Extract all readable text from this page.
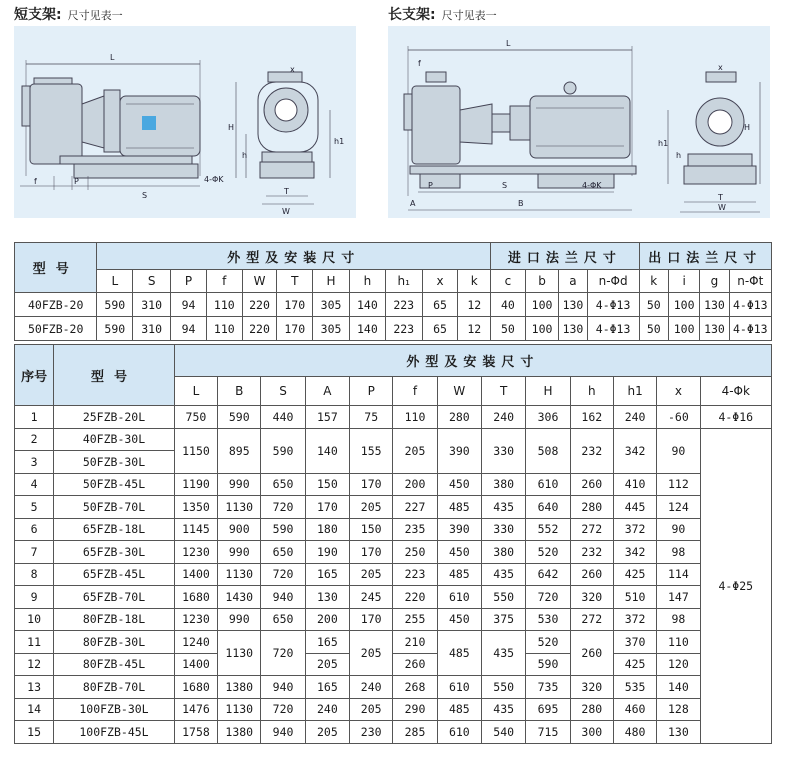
短支架: 尺寸见表一	长支架: 尺寸见表一
L
f	P
S
x
H
h
h1
4-ΦK
T
W
L
f
P	S
B
A
4-ΦK
x
H
h
h1
T
W
型号	外型及安装尺寸											进口法兰尺寸				出口法兰尺寸			
	L	S	P	f	W	T	H	h	h₁	x	k	c	b	a	n-Φd	k	i	g	n-Φt
40FZB-20	590	310	94	110	220	170	305	140	223	65	12	40	100	130	4-Φ13	50	100	130	4-Φ13
50FZB-20	590	310	94	110	220	170	305	140	223	65	12	50	100	130	4-Φ13	50	100	130	4-Φ13
序号	型号	外型及安装尺寸												
		L	B	S	A	P	f	W	T	H	h	h1	x	4-Φk
1	25FZB-20L	750	590	440	157	75	110	280	240	306	162	240	-60	4-Φ16
2	40FZB-30L	1150	895	590	140	155	205	390	330	508	232	342	90	4-Φ25
3	50FZB-30L													
4	50FZB-45L	1190	990	650	150	170	200	450	380	610	260	410	112	
5	50FZB-70L	1350	1130	720	170	205	227	485	435	640	280	445	124	
6	65FZB-18L	1145	900	590	180	150	235	390	330	552	272	372	90	
7	65FZB-30L	1230	990	650	190	170	250	450	380	520	232	342	98	
8	65FZB-45L	1400	1130	720	165	205	223	485	435	642	260	425	114	
9	65FZB-70L	1680	1430	940	130	245	220	610	550	720	320	510	147	
10	80FZB-18L	1230	990	650	200	170	255	450	375	530	272	372	98	
11	80FZB-30L	1240	1130	720	165	205	210	485	435	520	260	370	110	
12	80FZB-45L	1400			205		260			590		425	120	
13	80FZB-70L	1680	1380	940	165	240	268	610	550	735	320	535	140	
14	100FZB-30L	1476	1130	720	240	205	290	485	435	695	280	460	128	
15	100FZB-45L	1758	1380	940	205	230	285	610	540	715	300	480	130	
